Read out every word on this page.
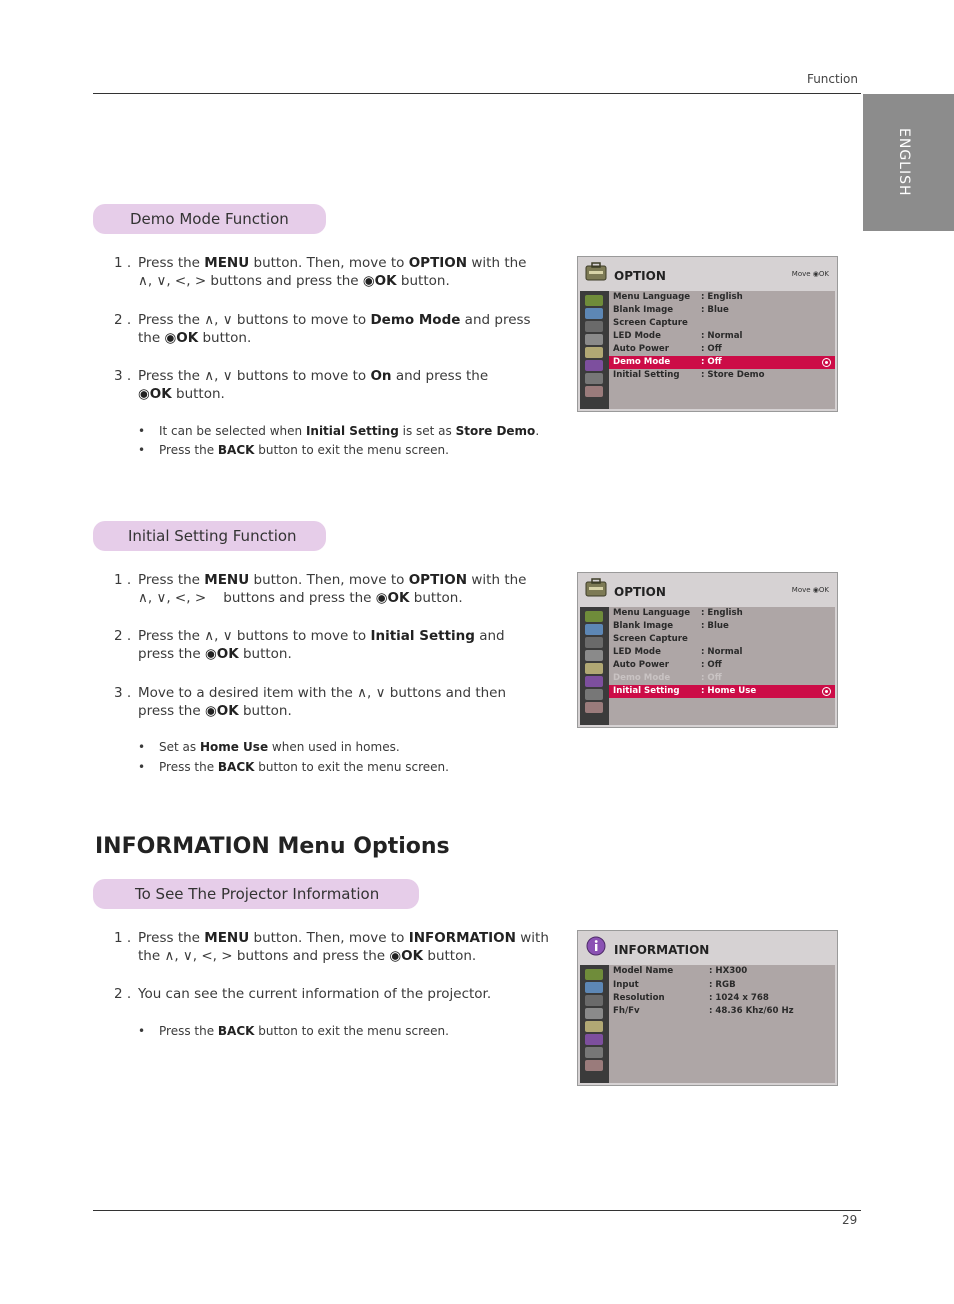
Function
ENGLISH
Demo Mode Function
1 . Press the MENU button. Then, move to OPTION with the
∧, ∨, <, > buttons and press the ◉OK button.
2 . Press the ∧, ∨ buttons to move to Demo Mode and press
the ◉OK button.
3 . Press the ∧, ∨ buttons to move to On and press the
◉OK button.
It can be selected when Initial Setting is set as Store Demo.
Press the BACK button to exit the menu screen.
OPTION	Move ◉OK
Menu Language : English
Blank Image	: Blue
Screen Capture
LED Mode	: Normal
Auto Power	: Off
Demo Mode	: Off
Initial Setting : Store Demo
Initial Setting Function
1 . Press the MENU button. Then, move to OPTION with the
∧, ∨, <, >    buttons and press the ◉OK button.
2 . Press the ∧, ∨ buttons to move to Initial Setting and
press the ◉OK button.
3 . Move to a desired item with the ∧, ∨ buttons and then
press the ◉OK button.
Set as Home Use when used in homes.
Press the BACK button to exit the menu screen.
OPTION	Move ◉OK
Menu Language : English
Blank Image	: Blue
Screen Capture
LED Mode	: Normal
Auto Power	: Off
Demo Mode	: Off
Initial Setting : Home Use
INFORMATION Menu Options
To See The Projector Information
1 . Press the MENU button. Then, move to INFORMATION with
the ∧, ∨, <, > buttons and press the ◉OK button.
2 . You can see the current information of the projector.
Press the BACK button to exit the menu screen.
INFORMATION
Model Name	: HX300
Input	: RGB
Resolution	: 1024 x 768
Fh/Fv	: 48.36 Khz/60 Hz
29
